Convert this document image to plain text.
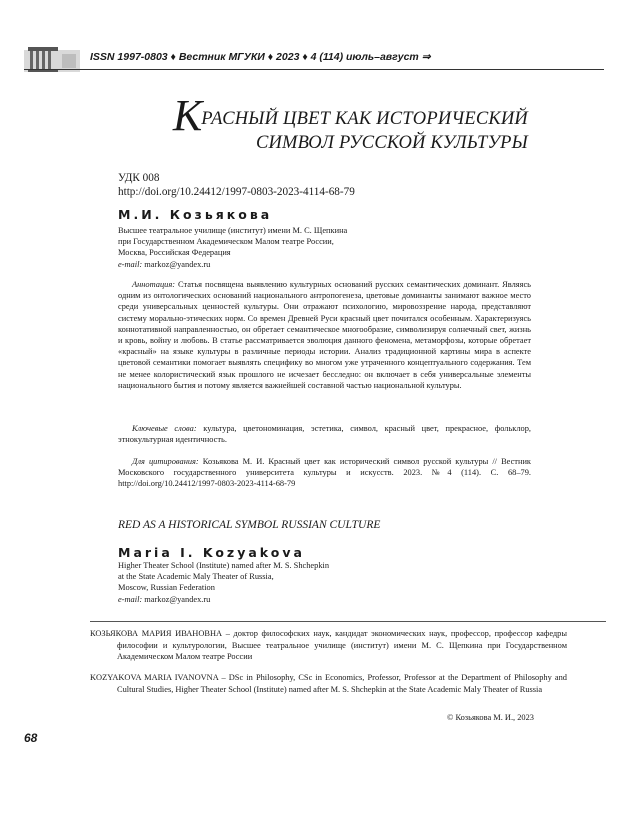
ISSN 1997-0803 ♦ Вестник МГУКИ ♦ 2023 ♦ 4 (114) июль–август ⇒
КРАСНЫЙ ЦВЕТ КАК ИСТОРИЧЕСКИЙ
СИМВОЛ РУССКОЙ КУЛЬТУРЫ
УДК 008
http://doi.org/10.24412/1997-0803-2023-4114-68-79
М.И. Козьякова
Высшее театральное училище (институт) имени М. С. Щепкина
при Государственном Академическом Малом театре России,
Москва, Российская Федерация
e-mail: markoz@yandex.ru
Аннотация: Статья посвящена выявлению культурных оснований русских семантических доминант. Являясь одним из онтологических оснований национального антропогенеза, цветовые доминанты занимают важное место среди универсальных ценностей культуры. Они отражают психологию, мировоззрение народа, представляют систему морально-этических норм. Со времен Древней Руси красный цвет почитался особенным. Характеризуясь коннотативной направленностью, он обретает семантическое многообразие, символизируя солнечный свет, жизнь и кровь, войну и любовь. В статье рассматривается эволюция данного феномена, метаморфозы, которые обретает «красный» на языке культуры в различные периоды истории. Анализ традиционной картины мира в аспекте цветовой семантики помогает выявлять специфику во многом уже утраченного концептуального содержания. Тем не менее колористический язык прошлого не исчезает бесследно: он включает в себя универсальные элементы национального бытия и потому является важнейшей составной частью национальной культуры.
Ключевые слова: культура, цветономинация, эстетика, символ, красный цвет, прекрасное, фольклор, этнокультурная идентичность.
Для цитирования: Козьякова М. И. Красный цвет как исторический символ русской культуры // Вестник Московского государственного университета культуры и искусств. 2023. №4 (114). С. 68–79. http://doi.org/10.24412/1997-0803-2023-4114-68-79
RED AS A HISTORICAL SYMBOL RUSSIAN CULTURE
Maria I. Kozyakova
Higher Theater School (Institute) named after M. S. Shchepkin
at the State Academic Maly Theater of Russia,
Moscow, Russian Federation
e-mail: markoz@yandex.ru
КОЗЬЯКОВА МАРИЯ ИВАНОВНА – доктор философских наук, кандидат экономических наук, профессор, профессор кафедры философии и культурологии, Высшее театральное училище (институт) имени М. С. Щепкина при Государственном Академическом Малом театре России
KOZYAKOVA MARIA IVANOVNA – DSc in Philosophy, CSc in Economics, Professor, Professor at the Department of Philosophy and Cultural Studies, Higher Theater School (Institute) named after M. S. Shchepkin at the State Academic Maly Theater of Russia
© Козьякова М. И., 2023
68
